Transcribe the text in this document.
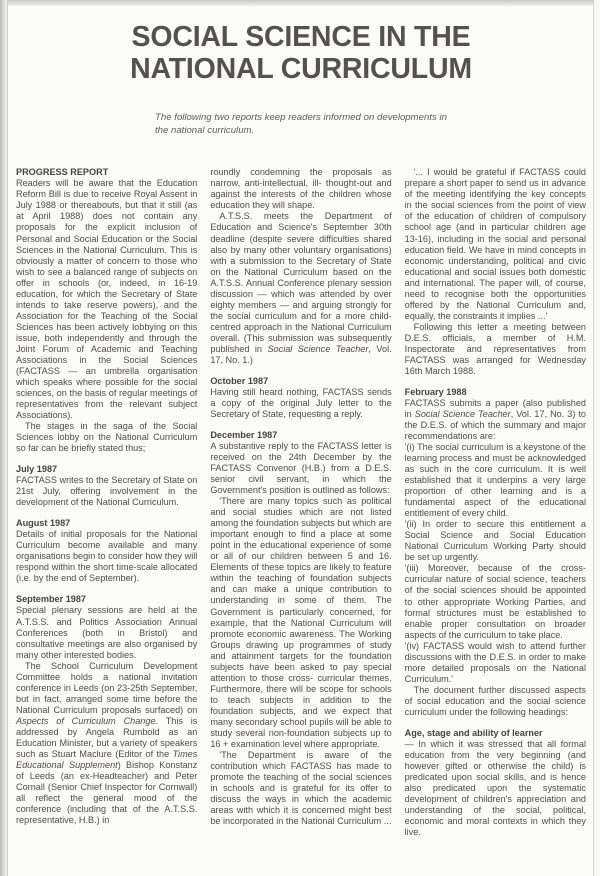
SOCIAL SCIENCE IN THE
NATIONAL CURRICULUM
The following two reports keep readers informed on developments in the national curriculum.
PROGRESS REPORT

Readers will be aware that the Education Reform Bill is due to receive Royal Assent in July 1988 or thereabouts, but that it still (as at April 1988) does not contain any proposals for the explicit inclusion of Personal and Social Education or the Social Sciences in the National Curriculum. This is obviously a matter of concern to those who wish to see a balanced range of subjects on offer in schools (or, indeed, in 16-19 education, for which the Secretary of State intends to take reserve powers), and the Association for the Teaching of the Social Sciences has been actively lobbying on this issue, both independently and through the Joint Forum of Academic and Teaching Associations in the Social Sciences (FACTASS — an umbrella organisation which speaks where possible for the social sciences, on the basis of regular meetings of representatives from the relevant subject Associations).

The stages in the saga of the Social Sciences lobby on the National Curriculum so far can be briefly stated thus;

July 1987

FACTASS writes to the Secretary of State on 21st July, offering involvement in the development of the National Curriculum.

August 1987

Details of initial proposals for the National Curriculum become available and many organisations begin to consider how they will respond within the short time-scale allocated (i.e. by the end of September).

September 1987

Special plenary sessions are held at the A.T.S.S. and Politics Association Annual Conferences (both in Bristol) and consultative meetings are also organised by many other interested bodies.

The School Curriculum Development Committee holds a national invitation conference in Leeds (on 23-25th September, but in fact, arranged some time before the National Curriculum proposals surfaced) on Aspects of Curriculum Change. This is addressed by Angela Rumbold as an Education Minister, but a variety of speakers such as Stuart Maclure (Editor of the Times Educational Supplement) Bishop Konstanz of Leeds (an ex-Headteacher) and Peter Cornall (Senior Chief Inspector for Cornwall) all reflect the general mood of the conference (including that of the A.T.S.S. representative, H.B.) in

roundly condemning the proposals as narrow, anti-intellectual, ill- thought-out and against the interests of the children whose education they will shape.

A.T.S.S. meets the Department of Education and Science's September 30th deadline (despite severe difficulties shared also by many other voluntary organisations) with a submission to the Secretary of State on the National Curriculum based on the A.T.S.S. Annual Conference plenary session discussion — which was attended by over eighty members — and arguing strongly for the social curriculum and for a more child-centred approach in the National Curriculum overall. (This submission was subsequently published in Social Science Teacher, Vol. 17, No. 1.)

October 1987

Having still heard nothing, FACTASS sends a copy of the original July letter to the Secretary of State, requesting a reply.

December 1987

A substantive reply to the FACTASS letter is received on the 24th December by the FACTASS Convenor (H.B.) from a D.E.S. senior civil servant, in which the Government's position is outlined as follows:

'There are many topics such as political and social studies which are not listed among the foundation subjects but which are important enough to find a place at some point in the educational experience of some or all of our children between 5 and 16. Elements of these topics are likely to feature within the teaching of foundation subjects and can make a unique contribution to understanding in some of them. The Government is particularly concerned, for example, that the National Curriculum will promote economic awareness. The Working Groups drawing up programmes of study and attainment targets for the foundation subjects have been asked to pay special attention to those cross- curricular themes. Furthermore, there will be scope for schools to teach subjects in addition to the foundation subjects, and we expect that many secondary school pupils will be able to study several non-foundation subjects up to 16 + examination level where appropriate.

'The Department is aware of the contribution which FACTASS has made to promote the teaching of the social sciences in schools and is grateful for its offer to discuss the ways in which the academic areas with which it is concerned might best be incorporated in the National Curriculum ...

'... I would be grateful if FACTASS could prepare a short paper to send us in advance of the meeting identifying the key concepts in the social sciences from the point of view of the education of children of compulsory school age (and in particular children age 13-16), including in the social and personal education field. We have in mind concepts in economic understanding, political and civic educational and social issues both domestic and international. The paper will, of course, need to recognise both the opportunities offered by the National Curriculum and, equally, the constraints it implies ...'

Following this letter a meeting between D.E.S. officials, a member of H.M. Inspectorate and representatives from FACTASS was arranged for Wednesday 16th March 1988.

February 1988

FACTASS submits a paper (also published in Social Science Teacher, Vol. 17, No. 3) to the D.E.S. of which the summary and major recommendations are:

'(i) The social curriculum is a keystone of the learning process and must be acknowledged as such in the core curriculum. It is well established that it underpins a very large proportion of other learning and is a fundamental aspect of the educational entitlement of every child.

'(ii) In order to secure this entitlement a Social Science and Social Education National Curriculum Working Party should be set up urgently.

'(iii) Moreover, because of the cross-curricular nature of social science, teachers of the social sciences should be appointed to other appropriate Working Parties, and formal structures must be established to enable proper consultation on broader aspects of the curriculum to take place.

'(iv) FACTASS would wish to attend further discussions with the D.E.S. in order to make more detailed proposals on the National Curriculum.'

The document further discussed aspects of social education and the social science curriculum under the following headings:

Age, stage and ability of learner

— In which it was stressed that all formal education from the very beginning (and however gifted or otherwise the child) is predicated upon social skills, and is hence also predicated upon the systematic development of children's appreciation and understanding of the social, political, economic and moral contexts in which they live.
